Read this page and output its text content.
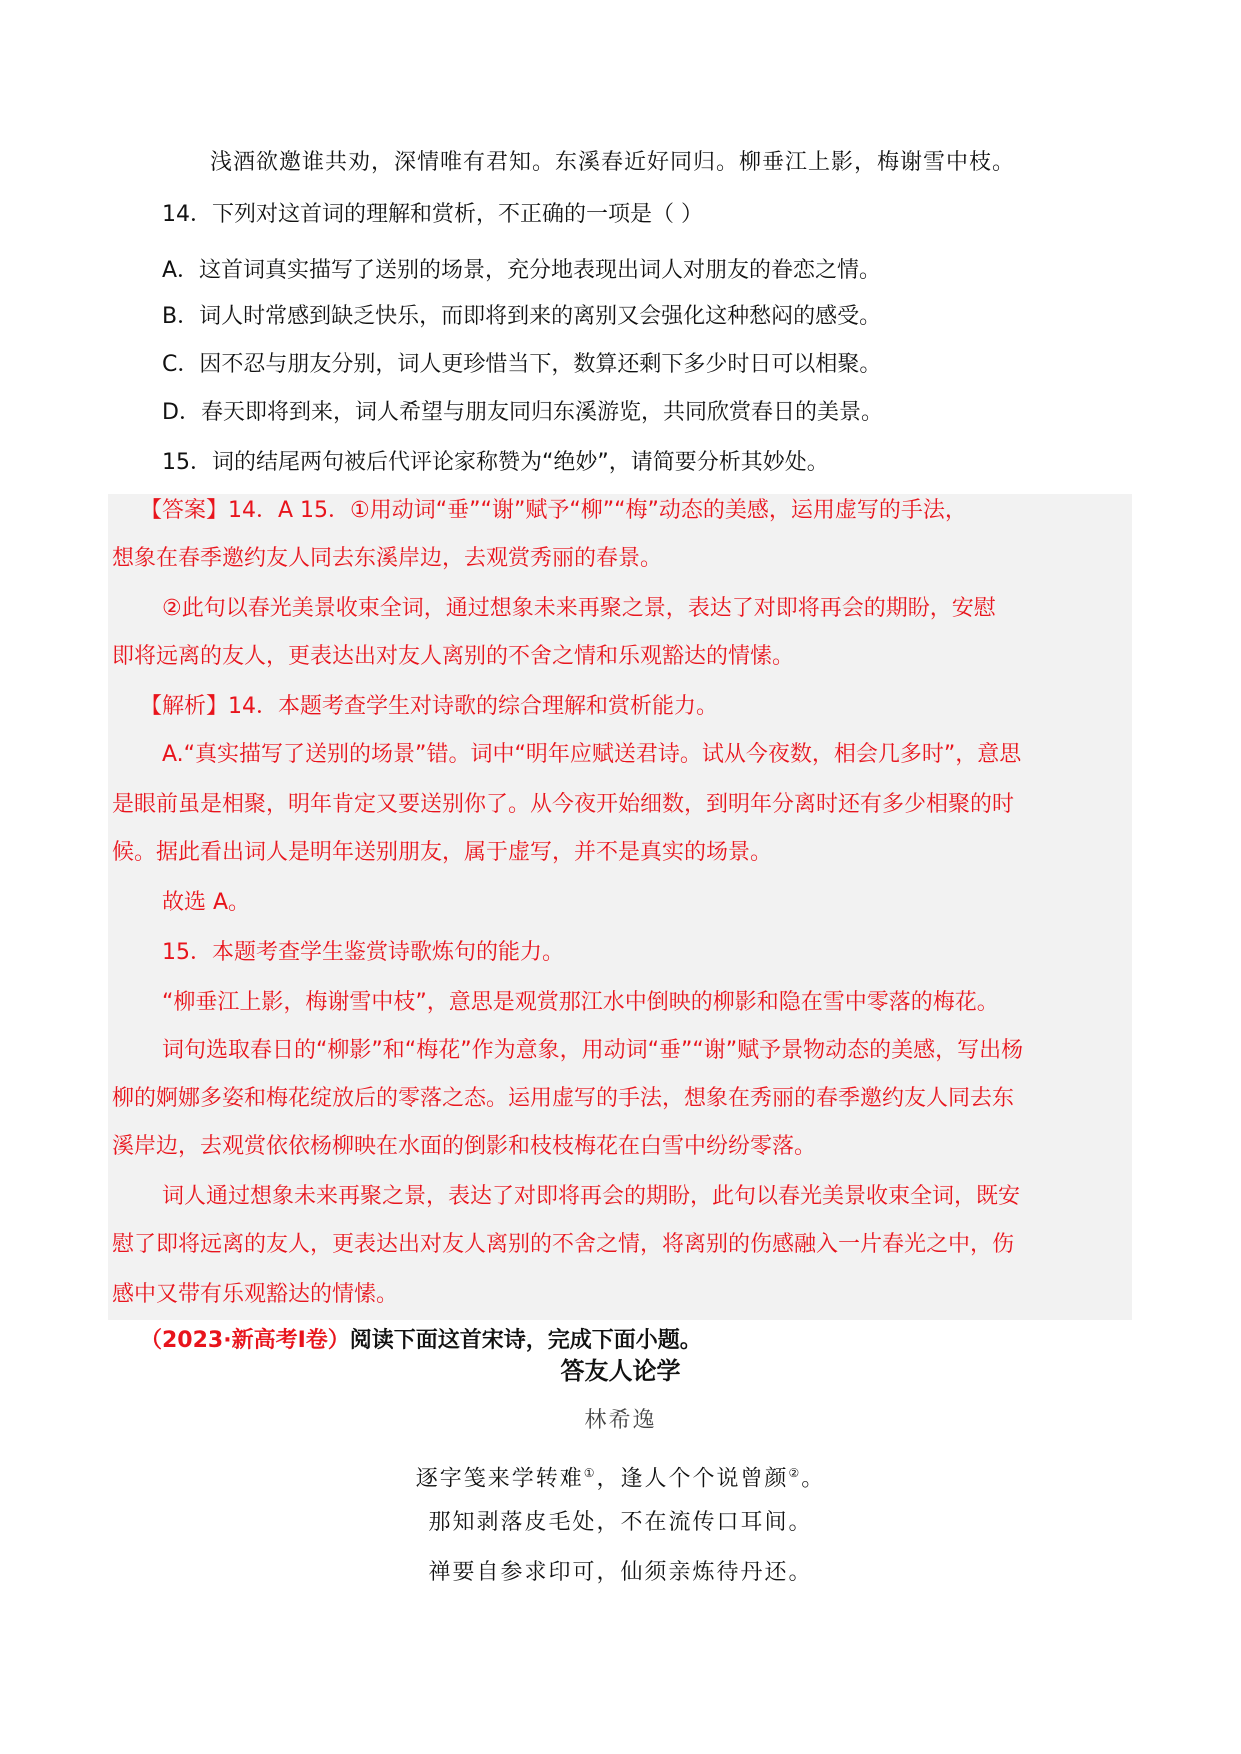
浅酒欲邀谁共劝，深情唯有君知。东溪春近好同归。柳垂江上影，梅谢雪中枝。
14．下列对这首词的理解和赏析，不正确的一项是（ ）
A．这首词真实描写了送别的场景，充分地表现出词人对朋友的眷恋之情。
B．词人时常感到缺乏快乐，而即将到来的离别又会强化这种愁闷的感受。
C．因不忍与朋友分别，词人更珍惜当下，数算还剩下多少时日可以相聚。
D．春天即将到来，词人希望与朋友同归东溪游览，共同欣赏春日的美景。
15．词的结尾两句被后代评论家称赞为“绝妙”，请简要分析其妙处。
【答案】14．A 15．①用动词“垂”“谢”赋予“柳”“梅”动态的美感，运用虚写的手法，
想象在春季邀约友人同去东溪岸边，去观赏秀丽的春景。
②此句以春光美景收束全词，通过想象未来再聚之景，表达了对即将再会的期盼，安慰
即将远离的友人，更表达出对友人离别的不舍之情和乐观豁达的情愫。
【解析】14．本题考查学生对诗歌的综合理解和赏析能力。
A.“真实描写了送别的场景”错。词中“明年应赋送君诗。试从今夜数，相会几多时”，意思
是眼前虽是相聚，明年肯定又要送别你了。从今夜开始细数，到明年分离时还有多少相聚的时
候。据此看出词人是明年送别朋友，属于虚写，并不是真实的场景。
故选 A。
15．本题考查学生鉴赏诗歌炼句的能力。
“柳垂江上影，梅谢雪中枝”，意思是观赏那江水中倒映的柳影和隐在雪中零落的梅花。
词句选取春日的“柳影”和“梅花”作为意象，用动词“垂”“谢”赋予景物动态的美感，写出杨
柳的婀娜多姿和梅花绽放后的零落之态。运用虚写的手法，想象在秀丽的春季邀约友人同去东
溪岸边，去观赏依依杨柳映在水面的倒影和枝枝梅花在白雪中纷纷零落。
词人通过想象未来再聚之景，表达了对即将再会的期盼，此句以春光美景收束全词，既安
慰了即将远离的友人，更表达出对友人离别的不舍之情，将离别的伤感融入一片春光之中，伤
感中又带有乐观豁达的情愫。
（2023·新高考Ⅰ卷）阅读下面这首宋诗，完成下面小题。
答友人论学
林希逸
逐字笺来学转难①，逢人个个说曾颜②。
那知剥落皮毛处，不在流传口耳间。
禅要自参求印可，仙须亲炼待丹还。
